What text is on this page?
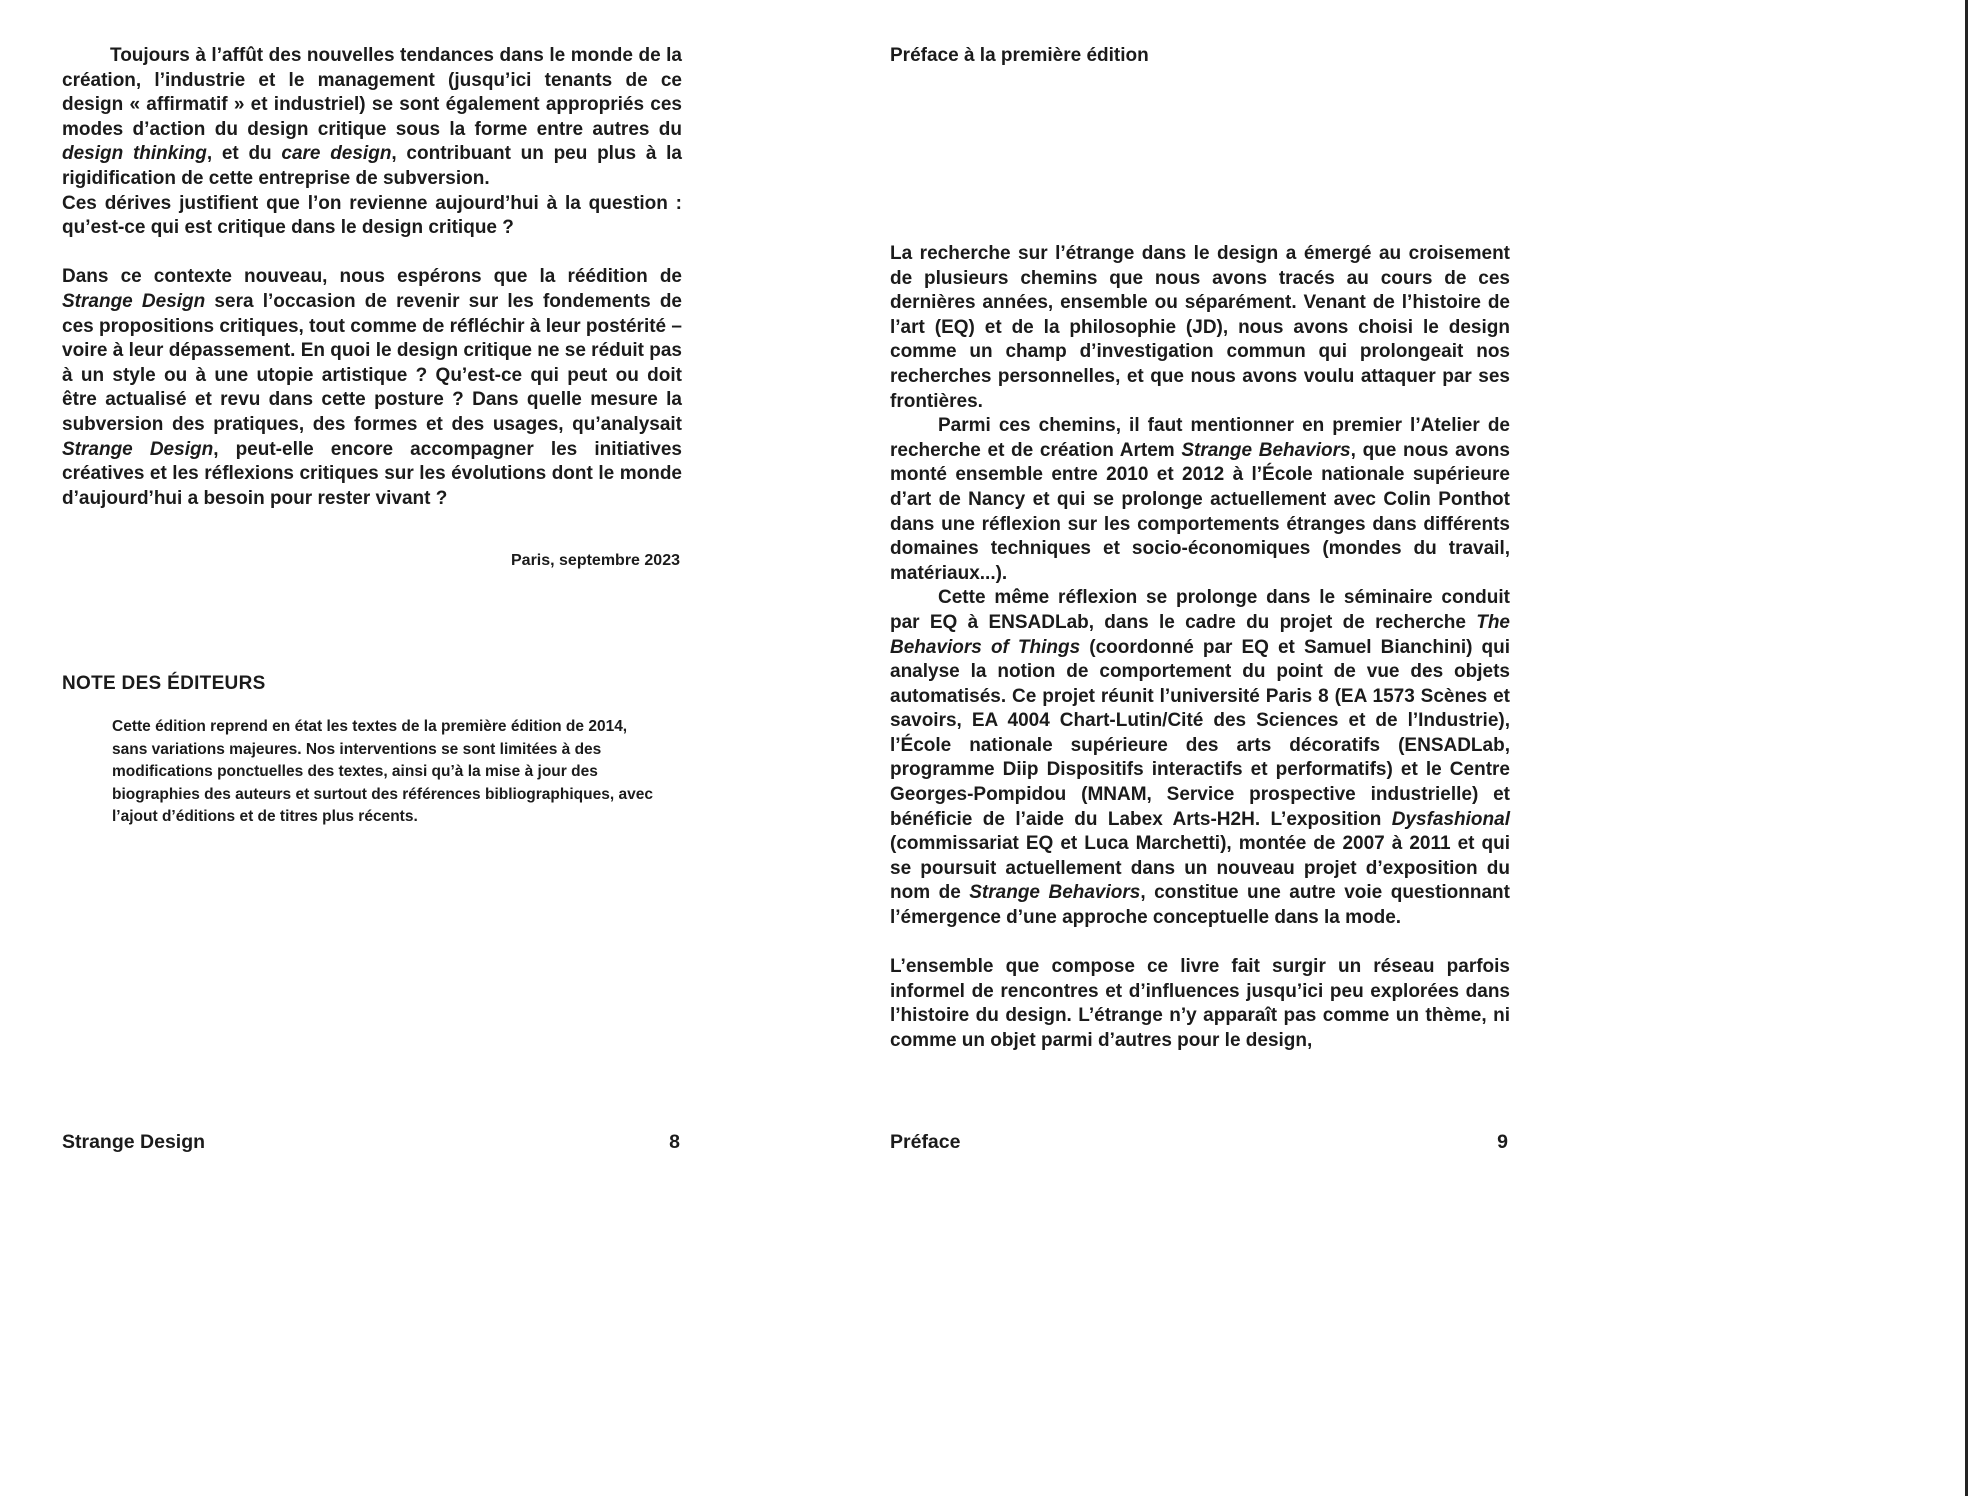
Toujours à l’affût des nouvelles tendances dans le monde de la création, l’industrie et le management (jusqu’ici tenants de ce design « affirmatif » et industriel) se sont également appropriés ces modes d’action du design critique sous la forme entre autres du design thinking, et du care design, contribuant un peu plus à la rigidification de cette entreprise de subversion.
Ces dérives justifient que l’on revienne aujourd’hui à la question : qu’est-ce qui est critique dans le design critique ?

Dans ce contexte nouveau, nous espérons que la réédition de Strange Design sera l’occasion de revenir sur les fondements de ces propositions critiques, tout comme de réfléchir à leur postérité – voire à leur dépassement. En quoi le design critique ne se réduit pas à un style ou à une utopie artistique ? Qu’est-ce qui peut ou doit être actualisé et revu dans cette posture ? Dans quelle mesure la subversion des pratiques, des formes et des usages, qu’analysait Strange Design, peut-elle encore accompagner les initiatives créatives et les réflexions critiques sur les évolutions dont le monde d’aujourd’hui a besoin pour rester vivant ?

Paris, septembre 2023
NOTE DES ÉDITEURS

Cette édition reprend en état les textes de la première édition de 2014, sans variations majeures. Nos interventions se sont limitées à des modifications ponctuelles des textes, ainsi qu’à la mise à jour des biographies des auteurs et surtout des références bibliographiques, avec l’ajout d’éditions et de titres plus récents.

Strange Design	8
Préface à la première édition

La recherche sur l’étrange dans le design a émergé au croisement de plusieurs chemins que nous avons tracés au cours de ces dernières années, ensemble ou séparément. Venant de l’histoire de l’art (EQ) et de la philosophie (JD), nous avons choisi le design comme un champ d’investigation commun qui prolongeait nos recherches personnelles, et que nous avons voulu attaquer par ses frontières.

Parmi ces chemins, il faut mentionner en premier l’Atelier de recherche et de création Artem Strange Behaviors, que nous avons monté ensemble entre 2010 et 2012 à l’École nationale supérieure d’art de Nancy et qui se prolonge actuellement avec Colin Ponthot dans une réflexion sur les comportements étranges dans différents domaines techniques et socio-économiques (mondes du travail, matériaux...).

Cette même réflexion se prolonge dans le séminaire conduit par EQ à ENSADLab, dans le cadre du projet de recherche The Behaviors of Things (coordonné par EQ et Samuel Bianchini) qui analyse la notion de comportement du point de vue des objets automatisés. Ce projet réunit l’université Paris 8 (EA 1573 Scènes et savoirs, EA 4004 Chart-Lutin/Cité des Sciences et de l’Industrie), l’École nationale supérieure des arts décoratifs (ENSADLab, programme Diip Dispositifs interactifs et performatifs) et le Centre Georges-Pompidou (MNAM, Service prospective industrielle) et bénéficie de l’aide du Labex Arts-H2H. L’exposition Dysfashional (commissariat EQ et Luca Marchetti), montée de 2007 à 2011 et qui se poursuit actuellement dans un nouveau projet d’exposition du nom de Strange Behaviors, constitue une autre voie questionnant l’émergence d’une approche conceptuelle dans la mode.

L’ensemble que compose ce livre fait surgir un réseau parfois informel de rencontres et d’influences jusqu’ici peu explorées dans l’histoire du design. L’étrange n’y apparaît pas comme un thème, ni comme un objet parmi d’autres pour le design,

Préface	9
